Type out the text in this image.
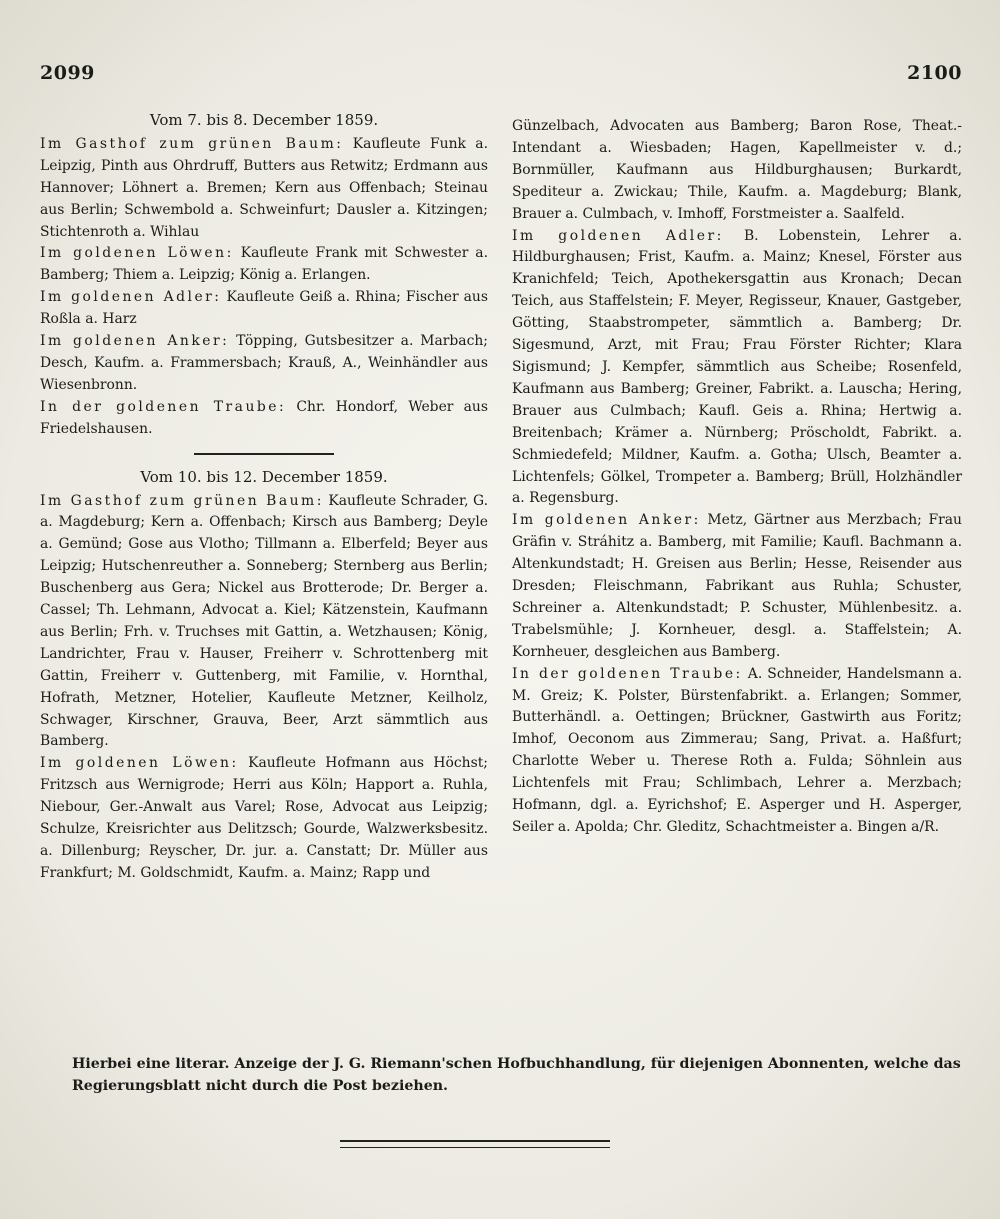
2099	2100
Vom 7. bis 8. December 1859.

Im Gasthof zum grünen Baum: Kaufleute Funk a. Leipzig, Pinth aus Ohrdruff, Butters aus Retwitz; Erdmann aus Hannover; Löhnert a. Bremen; Kern aus Offenbach; Steinau aus Berlin; Schwembold a. Schweinfurt; Dausler a. Kitzingen; Stichtenroth a. Wihlau

Im goldenen Löwen: Kaufleute Frank mit Schwester a. Bamberg; Thiem a. Leipzig; König a. Erlangen.

Im goldenen Adler: Kaufleute Geiß a. Rhina; Fischer aus Roßla a. Harz

Im goldenen Anker: Töpping, Gutsbesitzer a. Marbach; Desch, Kaufm. a. Frammersbach; Krauß, A., Weinhändler aus Wiesenbronn.

In der goldenen Traube: Chr. Hondorf, Weber aus Friedelshausen.

Vom 10. bis 12. December 1859.

Im Gasthof zum grünen Baum: Kaufleute Schrader, G. a. Magdeburg; Kern a. Offenbach; Kirsch aus Bamberg; Deyle a. Gemünd; Gose aus Vlotho; Tillmann a. Elberfeld; Beyer aus Leipzig; Hutschenreuther a. Sonneberg; Sternberg aus Berlin; Buschenberg aus Gera; Nickel aus Brotterode; Dr. Berger a. Cassel; Th. Lehmann, Advocat a. Kiel; Kätzenstein, Kaufmann aus Berlin; Frh. v. Truchses mit Gattin, a. Wetzhausen; König, Landrichter, Frau v. Hauser, Freiherr v. Schrottenberg mit Gattin, Freiherr v. Guttenberg, mit Familie, v. Hornthal, Hofrath, Metzner, Hotelier, Kaufleute Metzner, Keilholz, Schwager, Kirschner, Grauva, Beer, Arzt sämmtlich aus Bamberg.

Im goldenen Löwen: Kaufleute Hofmann aus Höchst; Fritzsch aus Wernigrode; Herri aus Köln; Happort a. Ruhla, Niebour, Ger.-Anwalt aus Varel; Rose, Advocat aus Leipzig; Schulze, Kreisrichter aus Delitzsch; Gourde, Walzwerksbesitz. a. Dillenburg; Reyscher, Dr. jur. a. Canstatt; Dr. Müller aus Frankfurt; M. Goldschmidt, Kaufm. a. Mainz; Rapp und

Günzelbach, Advocaten aus Bamberg; Baron Rose, Theat.-Intendant a. Wiesbaden; Hagen, Kapellmeister v. d.; Bornmüller, Kaufmann aus Hildburghausen; Burkardt, Spediteur a. Zwickau; Thile, Kaufm. a. Magdeburg; Blank, Brauer a. Culmbach, v. Imhoff, Forstmeister a. Saalfeld.

Im goldenen Adler: B. Lobenstein, Lehrer a. Hildburghausen; Frist, Kaufm. a. Mainz; Knesel, Förster aus Kranichfeld; Teich, Apothekersgattin aus Kronach; Decan Teich, aus Staffelstein; F. Meyer, Regisseur, Knauer, Gastgeber, Götting, Staabstrompeter, sämmtlich a. Bamberg; Dr. Sigesmund, Arzt, mit Frau; Frau Förster Richter; Klara Sigismund; J. Kempfer, sämmtlich aus Scheibe; Rosenfeld, Kaufmann aus Bamberg; Greiner, Fabrikt. a. Lauscha; Hering, Brauer aus Culmbach; Kaufl. Geis a. Rhina; Hertwig a. Breitenbach; Krämer a. Nürnberg; Pröscholdt, Fabrikt. a. Schmiedefeld; Mildner, Kaufm. a. Gotha; Ulsch, Beamter a. Lichtenfels; Gölkel, Trompeter a. Bamberg; Brüll, Holzhändler a. Regensburg.

Im goldenen Anker: Metz, Gärtner aus Merzbach; Frau Gräfin v. Stráhitz a. Bamberg, mit Familie; Kaufl. Bachmann a. Altenkundstadt; H. Greisen aus Berlin; Hesse, Reisender aus Dresden; Fleischmann, Fabrikant aus Ruhla; Schuster, Schreiner a. Altenkundstadt; P. Schuster, Mühlenbesitz. a. Trabelsmühle; J. Kornheuer, desgl. a. Staffelstein; A. Kornheuer, desgleichen aus Bamberg.

In der goldenen Traube: A. Schneider, Handelsmann a. M. Greiz; K. Polster, Bürstenfabrikt. a. Erlangen; Sommer, Butterhändl. a. Oettingen; Brückner, Gastwirth aus Foritz; Imhof, Oeconom aus Zimmerau; Sang, Privat. a. Haßfurt; Charlotte Weber u. Therese Roth a. Fulda; Söhnlein aus Lichtenfels mit Frau; Schlimbach, Lehrer a. Merzbach; Hofmann, dgl. a. Eyrichshof; E. Asperger und H. Asperger, Seiler a. Apolda; Chr. Gleditz, Schachtmeister a. Bingen a/R.

Hierbei eine literar. Anzeige der J. G. Riemann'schen Hofbuchhandlung, für diejenigen Abonnenten, welche das Regierungsblatt nicht durch die Post beziehen.
